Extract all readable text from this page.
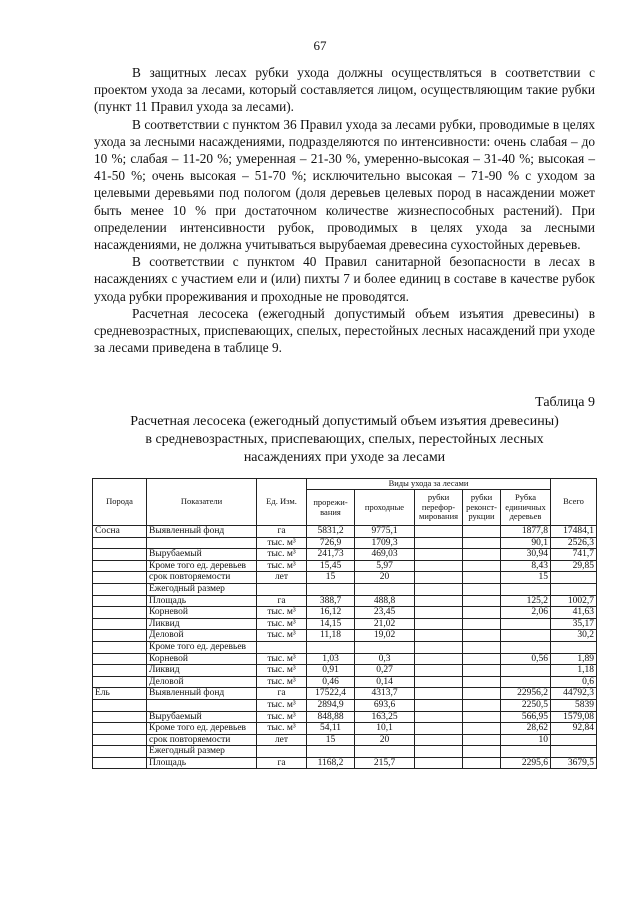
67

В защитных лесах рубки ухода должны осуществляться в соответствии с проектом ухода за лесами, который составляется лицом, осуществляющим такие рубки (пункт 11 Правил ухода за лесами).

В соответствии с пунктом 36 Правил ухода за лесами рубки, проводимые в целях ухода за лесными насаждениями, подразделяются по интенсивности: очень слабая – до 10 %; слабая – 11-20 %; умеренная – 21-30 %, умеренно-высокая – 31-40 %; высокая – 41-50 %; очень высокая – 51-70 %; исключительно высокая – 71-90 % с уходом за целевыми деревьями под пологом (доля деревьев целевых пород в насаждении может быть менее 10 % при достаточном количестве жизнеспособных растений). При определении интенсивности рубок, проводимых в целях ухода за лесными насаждениями, не должна учитываться вырубаемая древесина сухостойных деревьев.

В соответствии с пунктом 40 Правил санитарной безопасности в лесах в насаждениях с участием ели и (или) пихты 7 и более единиц в составе в качестве рубок ухода рубки прореживания и проходные не проводятся.

Расчетная лесосека (ежегодный допустимый объем изъятия древесины) в средневозрастных, приспевающих, спелых, перестойных лесных насаждений при уходе за лесами приведена в таблице 9.

Таблица 9
Расчетная лесосека (ежегодный допустимый объем изъятия древесины)
в средневозрастных, приспевающих, спелых, перестойных лесных
насаждениях при уходе за лесами
Порода	Показатели	Ед. Изм.	Виды ухода за лесами					Всего
			прорежи-вания	проходные	рубки перефор-мирования	рубки реконст-рукции	Рубка единичных деревьев	
Сосна	Выявленный фонд	га	5831,2	9775,1			1877,8	17484,1
		тыс. м³	726,9	1709,3			90,1	2526,3
	Вырубаемый	тыс. м³	241,73	469,03			30,94	741,7
	Кроме того ед. деревьев	тыс. м³	15,45	5,97			8,43	29,85
	срок повторяемости	лет	15	20			15	
	Ежегодный размер							
	Площадь	га	388,7	488,8			125,2	1002,7
	Корневой	тыс. м³	16,12	23,45			2,06	41,63
	Ликвид	тыс. м³	14,15	21,02				35,17
	Деловой	тыс. м³	11,18	19,02				30,2
	Кроме того ед. деревьев							
	Корневой	тыс. м³	1,03	0,3			0,56	1,89
	Ликвид	тыс. м³	0,91	0,27				1,18
	Деловой	тыс. м³	0,46	0,14				0,6
Ель	Выявленный фонд	га	17522,4	4313,7			22956,2	44792,3
		тыс. м³	2894,9	693,6			2250,5	5839
	Вырубаемый	тыс. м³	848,88	163,25			566,95	1579,08
	Кроме того ед. деревьев	тыс. м³	54,11	10,1			28,62	92,84
	срок повторяемости	лет	15	20			10	
	Ежегодный размер							
	Площадь	га	1168,2	215,7			2295,6	3679,5
